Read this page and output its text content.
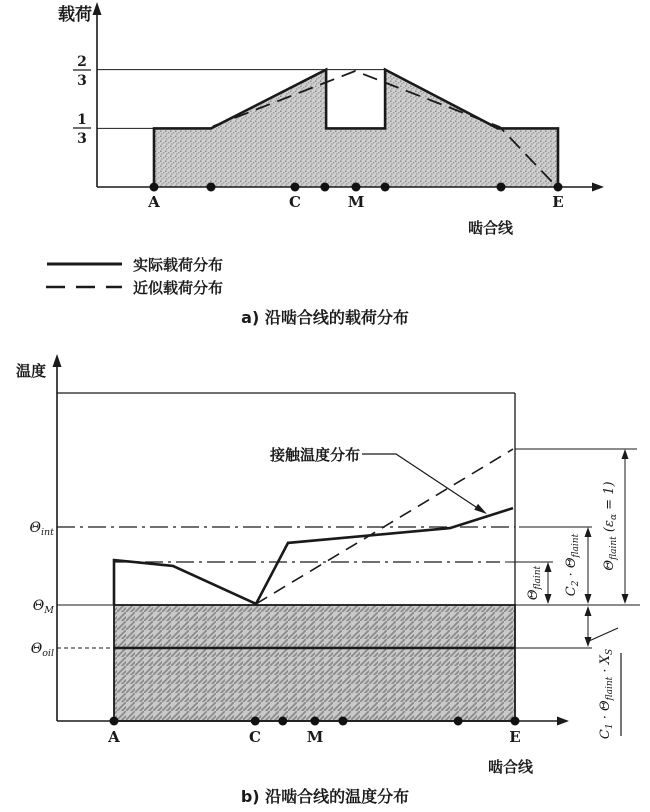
载荷
啮合线
2
3
1
3
A	C	M	E
实际载荷分布
近似载荷分布
a) 沿啮合线的载荷分布
温度
啮合线
$\Theta_{int}$
$\Theta_M$
$\Theta_{oil}$
接触温度分布
$\Theta_{flaint}$
$C_2 \cdot \Theta_{flaint}$
$\Theta_{flaint}$ $(\varepsilon_\alpha = 1)$
$C_1 \cdot \Theta_{flaint} \cdot X_S$
A	C	M	E
b) 沿啮合线的温度分布
